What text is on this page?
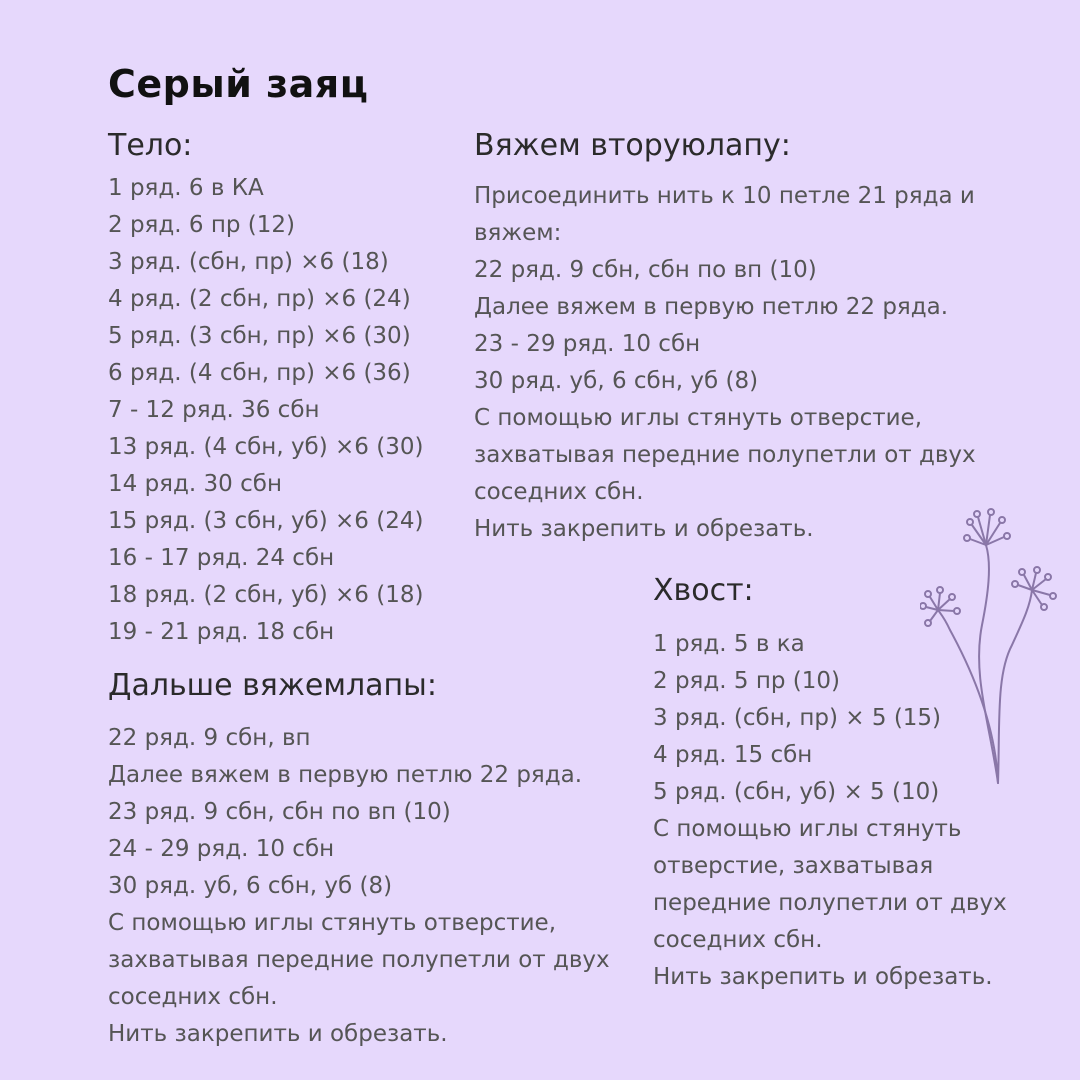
Серый заяц
Тело:
1 ряд. 6 в КА
2 ряд. 6 пр (12)
3 ряд. (сбн, пр) ×6 (18)
4 ряд. (2 сбн, пр) ×6 (24)
5 ряд. (3 сбн, пр) ×6 (30)
6 ряд. (4 сбн, пр) ×6 (36)
7 - 12 ряд. 36 сбн
13 ряд. (4 сбн, уб) ×6 (30)
14 ряд. 30 сбн
15 ряд. (3 сбн, уб) ×6 (24)
16 - 17 ряд. 24 сбн
18 ряд. (2 сбн, уб) ×6 (18)
19 - 21 ряд. 18 сбн
Дальше вяжемлапы:
22 ряд. 9 сбн, вп
Далее вяжем в первую петлю 22 ряда.
23 ряд. 9 сбн, сбн по вп (10)
24 - 29 ряд. 10 сбн
30 ряд. уб, 6 сбн, уб (8)
С помощью иглы стянуть отверстие,
захватывая передние полупетли от двух
соседних сбн.
Нить закрепить и обрезать.
Вяжем вторуюлапу:
Присоединить нить к 10 петле 21 ряда и
вяжем:
22 ряд. 9 сбн, сбн по вп (10)
Далее вяжем в первую петлю 22 ряда.
23 - 29 ряд. 10 сбн
30 ряд. уб, 6 сбн, уб (8)
С помощью иглы стянуть отверстие,
захватывая передние полупетли от двух
соседних сбн.
Нить закрепить и обрезать.
Хвост:
1 ряд. 5 в ка
2 ряд. 5 пр (10)
3 ряд. (сбн, пр) × 5 (15)
4 ряд. 15 сбн
5 ряд. (сбн, уб) × 5 (10)
С помощью иглы стянуть
отверстие, захватывая
передние полупетли от двух
соседних сбн.
Нить закрепить и обрезать.
